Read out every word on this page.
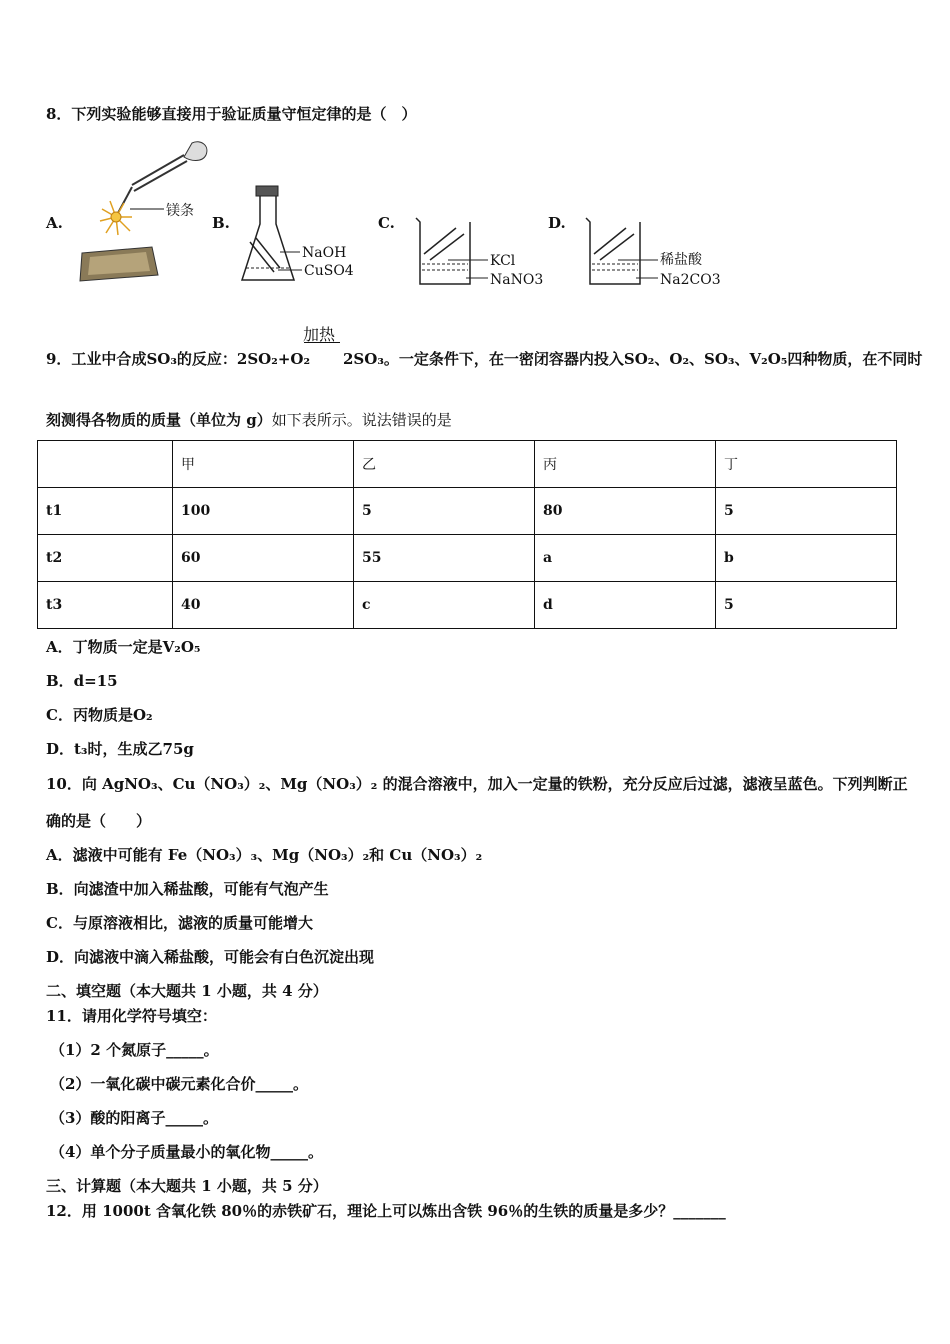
8．下列实验能够直接用于验证质量守恒定律的是（　）
A.
镁条
B.
NaOH
CuSO4
C.
KCl
NaNO3
D.
稀盐酸
Na2CO3
加热
9．工业中合成SO₃的反应：2SO₂+O₂ 2SO₃。一定条件下，在一密闭容器内投入SO₂、O₂、SO₃、V₂O₅四种物质，在不同时
刻测得各物质的质量（单位为 g）如下表所示。说法错误的是
	甲	乙	丙	丁
t1	100	5	80	5
t2	60	55	a	b
t3	40	c	d	5
A．丁物质一定是V₂O₅
B．d=15
C．丙物质是O₂
D．t₃时，生成乙75g
10．向 AgNO₃、Cu（NO₃）₂、Mg（NO₃）₂ 的混合溶液中，加入一定量的铁粉，充分反应后过滤，滤液呈蓝色。下列判断正
确的是（　　）
A．滤液中可能有 Fe（NO₃）₃、Mg（NO₃）₂和 Cu（NO₃）₂
B．向滤渣中加入稀盐酸，可能有气泡产生
C．与原溶液相比，滤液的质量可能增大
D．向滤液中滴入稀盐酸，可能会有白色沉淀出现
二、填空题（本大题共 1 小题，共 4 分）
11．请用化学符号填空：
（1）2 个氮原子_____。
（2）一氧化碳中碳元素化合价_____。
（3）酸的阳离子_____。
（4）单个分子质量最小的氧化物_____。
三、计算题（本大题共 1 小题，共 5 分）
12．用 1000t 含氧化铁 80％的赤铁矿石，理论上可以炼出含铁 96％的生铁的质量是多少？_______
